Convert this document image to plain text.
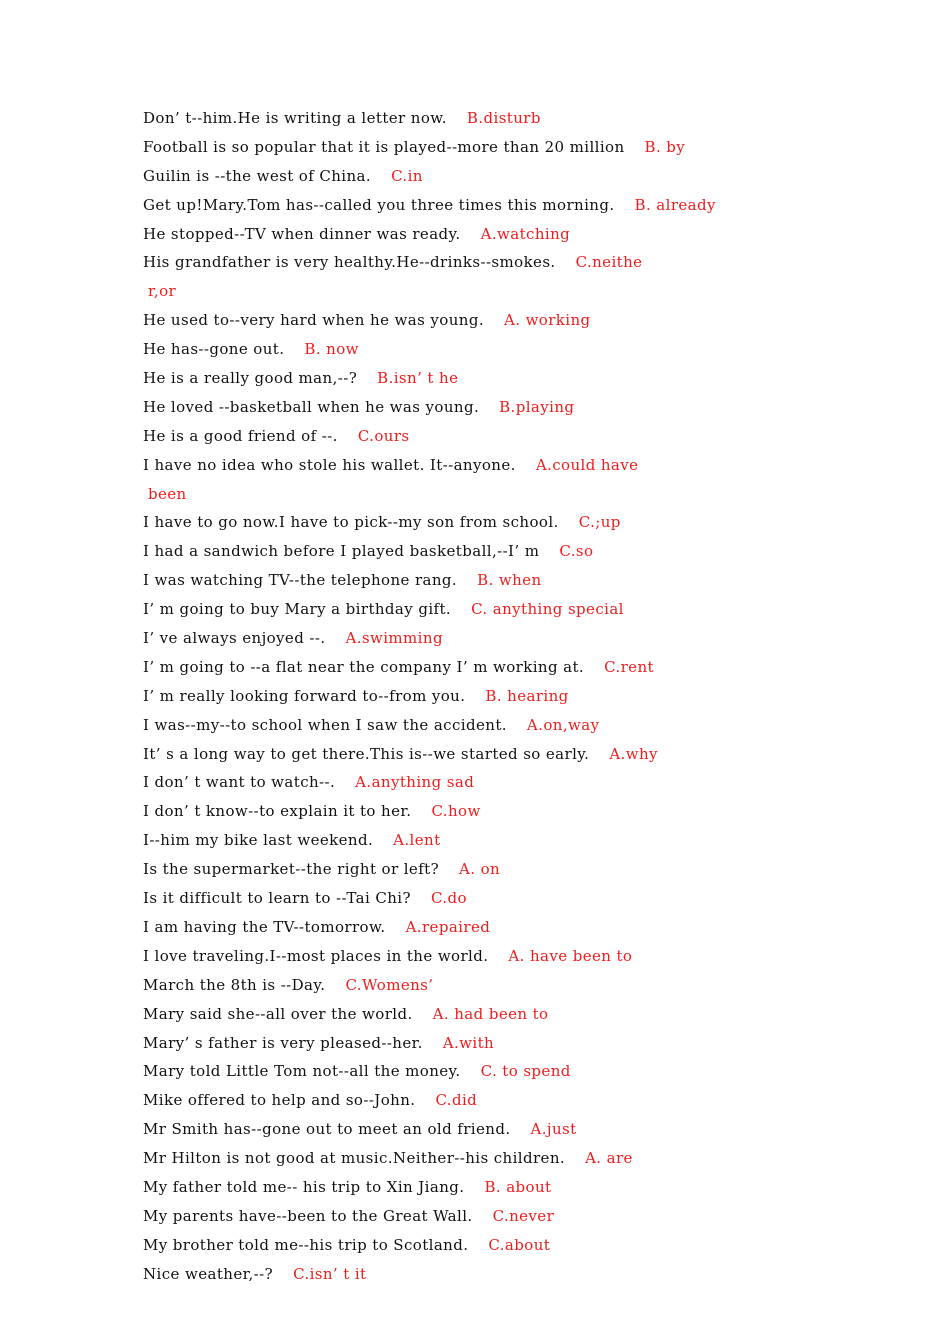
Don’ t--him.He is writing a letter now. B.disturb
Football is so popular that it is played--more than 20 million B. by
Guilin is --the west of China. C.in
Get up!Mary.Tom has--called you three times this morning. B. already
He stopped--TV when dinner was ready. A.watching
His grandfather is very healthy.He--drinks--smokes. C.neithe
r,or
He used to--very hard when he was young. A. working
He has--gone out. B. now
He is a really good man,--? B.isn’ t he
He loved --basketball when he was young. B.playing
He is a good friend of --. C.ours
I have no idea who stole his wallet. It--anyone. A.could have
been
I have to go now.I have to pick--my son from school. C.;up
I had a sandwich before I played basketball,--I’ m C.so
I was watching TV--the telephone rang. B. when
I’ m going to buy Mary a birthday gift. C. anything special
I’ ve always enjoyed --. A.swimming
I’ m going to --a flat near the company I’ m working at. C.rent
I’ m really looking forward to--from you. B. hearing
I was--my--to school when I saw the accident. A.on,way
It’ s a long way to get there.This is--we started so early. A.why
I don’ t want to watch--. A.anything sad
I don’ t know--to explain it to her. C.how
I--him my bike last weekend. A.lent
Is the supermarket--the right or left? A. on
Is it difficult to learn to --Tai Chi? C.do
I am having the TV--tomorrow. A.repaired
I love traveling.I--most places in the world. A. have been to
March the 8th is --Day. C.Womens’
Mary said she--all over the world. A. had been to
Mary’ s father is very pleased--her. A.with
Mary told Little Tom not--all the money. C. to spend
Mike offered to help and so--John. C.did
Mr Smith has--gone out to meet an old friend. A.just
Mr Hilton is not good at music.Neither--his children. A. are
My father told me-- his trip to Xin Jiang. B. about
My parents have--been to the Great Wall. C.never
My brother told me--his trip to Scotland. C.about
Nice weather,--? C.isn’ t it
